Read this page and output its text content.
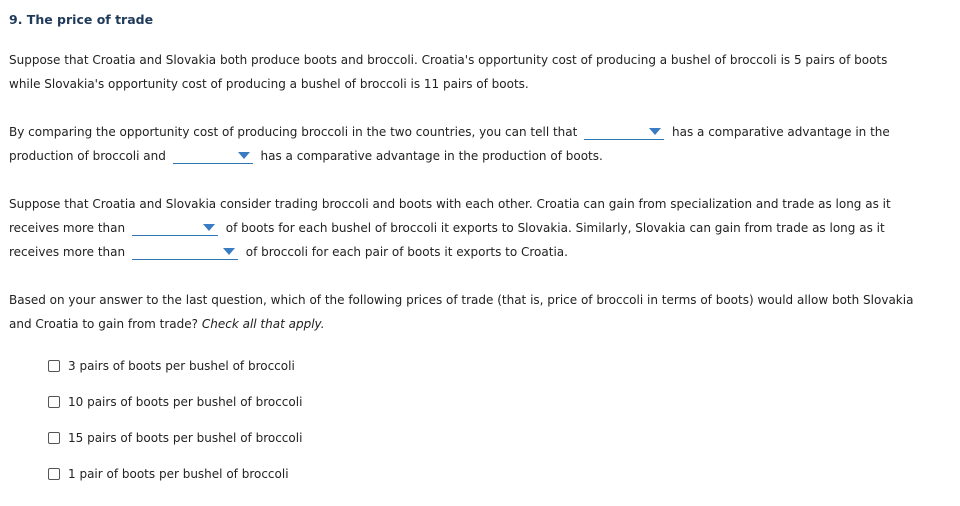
9. The price of trade
Suppose that Croatia and Slovakia both produce boots and broccoli. Croatia's opportunity cost of producing a bushel of broccoli is 5 pairs of boots
while Slovakia's opportunity cost of producing a bushel of broccoli is 11 pairs of boots.
By comparing the opportunity cost of producing broccoli in the two countries, you can tell that	has a comparative advantage in the
production of broccoli and	has a comparative advantage in the production of boots.
Suppose that Croatia and Slovakia consider trading broccoli and boots with each other. Croatia can gain from specialization and trade as long as it
receives more than	of boots for each bushel of broccoli it exports to Slovakia. Similarly, Slovakia can gain from trade as long as it
receives more than	of broccoli for each pair of boots it exports to Croatia.
Based on your answer to the last question, which of the following prices of trade (that is, price of broccoli in terms of boots) would allow both Slovakia
and Croatia to gain from trade? Check all that apply.
3 pairs of boots per bushel of broccoli
10 pairs of boots per bushel of broccoli
15 pairs of boots per bushel of broccoli
1 pair of boots per bushel of broccoli
